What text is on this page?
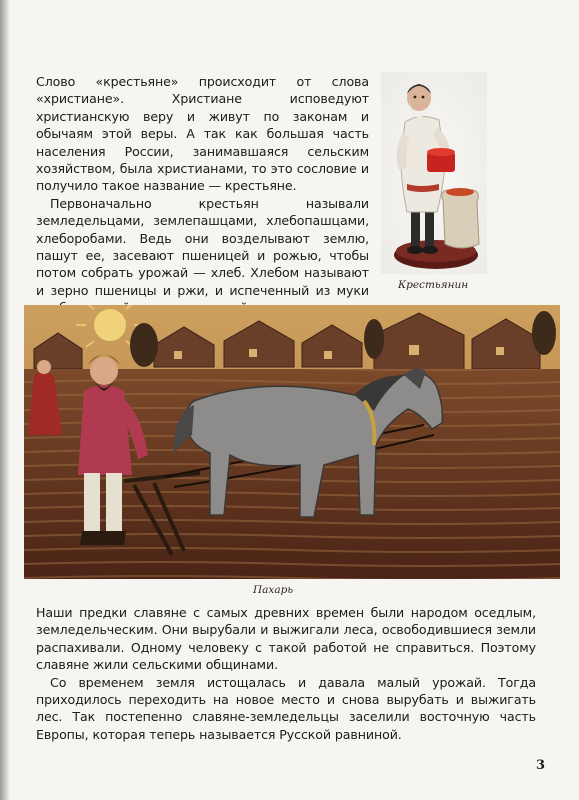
Слово «крестьяне» происходит от слова «христиане». Христиане исповедуют христианскую веру и живут по законам и обычаям этой веры. А так как большая часть населения России, занимавшаяся сельским хозяйством, была христианами, то это сословие и получило такое название — крестьяне.

Первоначально крестьян называли земледельцами, землепашцами, хлебопашцами, хлеборобами. Ведь они возделывают землю, пашут ее, засевают пшеницей и рожью, чтобы потом собрать урожай — хлеб. Хлебом называют и зерно пшеницы и ржи, и испеченный из муки	Крестьянин
Пахарь

Наши предки славяне с самых древних времен были народом оседлым, земледельческим. Они вырубали и выжигали леса, освободившиеся земли распахивали. Одному человеку с такой работой не справиться. Поэтому славяне жили сельскими общинами.

Со временем земля истощалась и давала малый урожай. Тогда приходилось переходить на новое место и снова вырубать и выжигать лес. Так постепенно славяне-земледельцы заселили восточную часть Европы, которая теперь называется Русской равниной.

3
